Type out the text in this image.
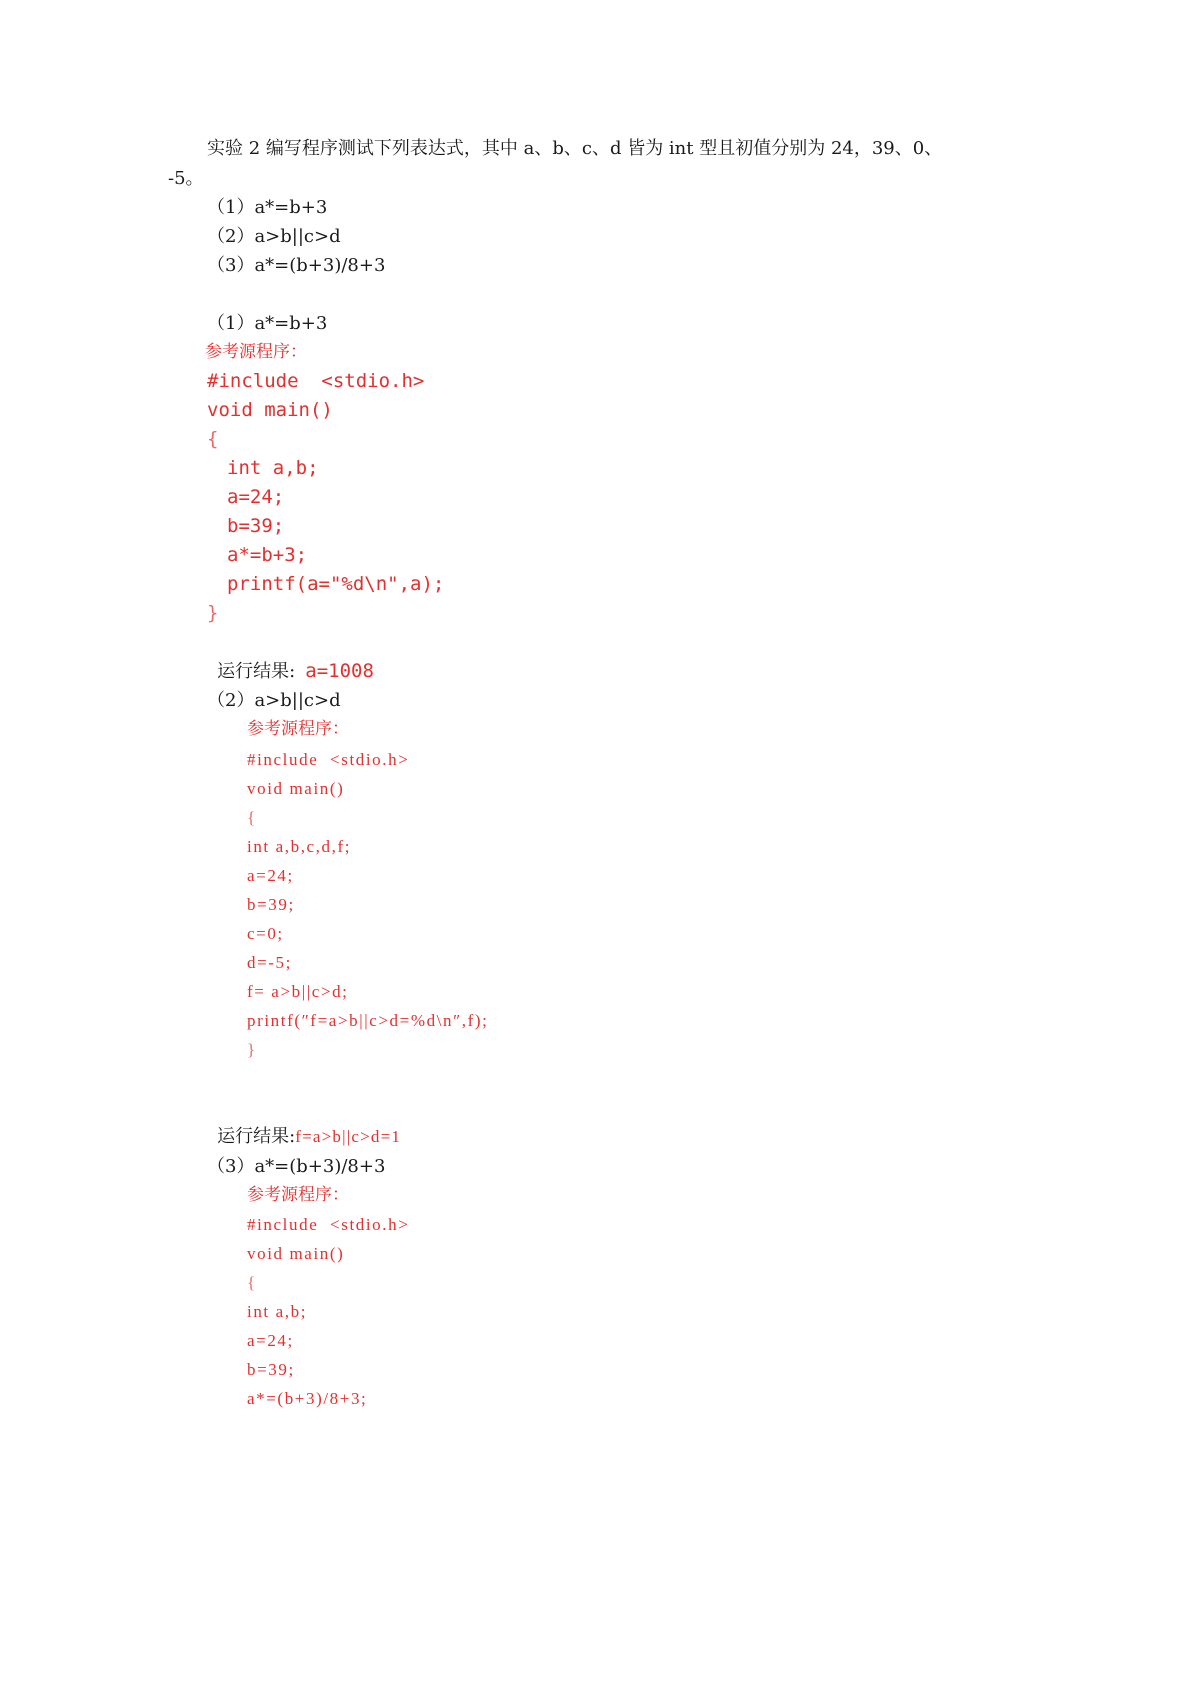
实验 2 编写程序测试下列表达式，其中 a、b、c、d 皆为 int 型且初值分别为 24，39、0、
-5。
（1）a*=b+3
（2）a>b||c>d
（3）a*=(b+3)/8+3
（1）a*=b+3
参考源程序：
#include  <stdio.h>
void main()
{
int a,b;
a=24;
b=39;
a*=b+3;
printf(a="%d\n",a);
}

运行结果: a=1008

（2）a>b||c>d
参考源程序：
#include  <stdio.h>
void main()
{
int a,b,c,d,f;
a=24;
b=39;
c=0;
d=-5;
f= a>b||c>d;
printf(″f=a>b||c>d=%d\n″,f);
}

运行结果:f=a>b||c>d=1

（3）a*=(b+3)/8+3
参考源程序：
#include  <stdio.h>
void main()
{
int a,b;
a=24;
b=39;
a*=(b+3)/8+3;
